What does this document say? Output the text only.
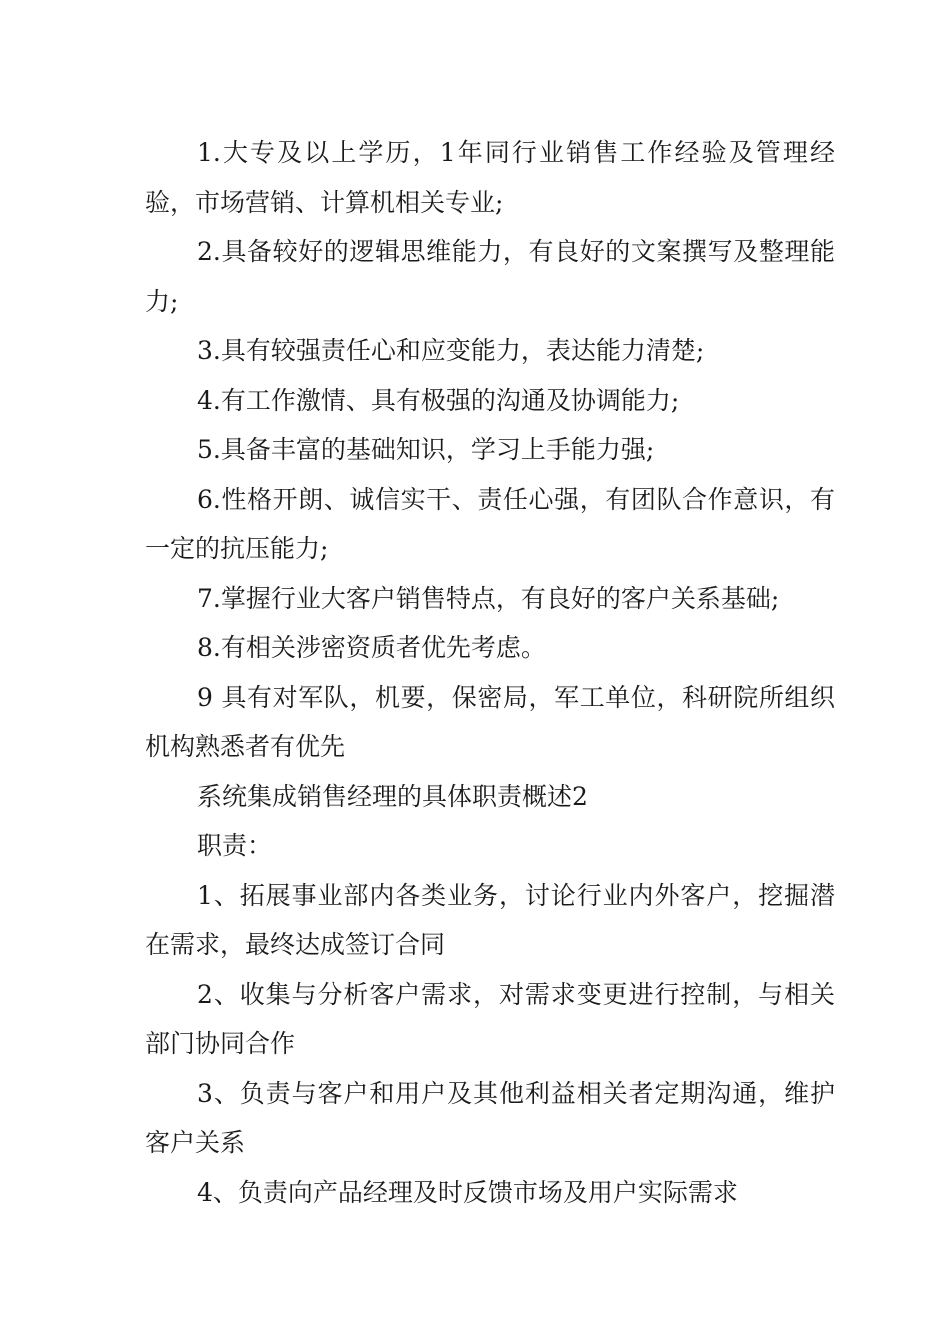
1.大专及以上学历，1年同行业销售工作经验及管理经验，市场营销、计算机相关专业;

2.具备较好的逻辑思维能力，有良好的文案撰写及整理能力;

3.具有较强责任心和应变能力，表达能力清楚;

4.有工作激情、具有极强的沟通及协调能力;

5.具备丰富的基础知识，学习上手能力强;

6.性格开朗、诚信实干、责任心强，有团队合作意识，有一定的抗压能力;

7.掌握行业大客户销售特点，有良好的客户关系基础;

8.有相关涉密资质者优先考虑。

9 具有对军队，机要，保密局，军工单位，科研院所组织机构熟悉者有优先

系统集成销售经理的具体职责概述2

职责：

1、拓展事业部内各类业务，讨论行业内外客户，挖掘潜在需求，最终达成签订合同

2、收集与分析客户需求，对需求变更进行控制，与相关部门协同合作

3、负责与客户和用户及其他利益相关者定期沟通，维护客户关系

4、负责向产品经理及时反馈市场及用户实际需求
